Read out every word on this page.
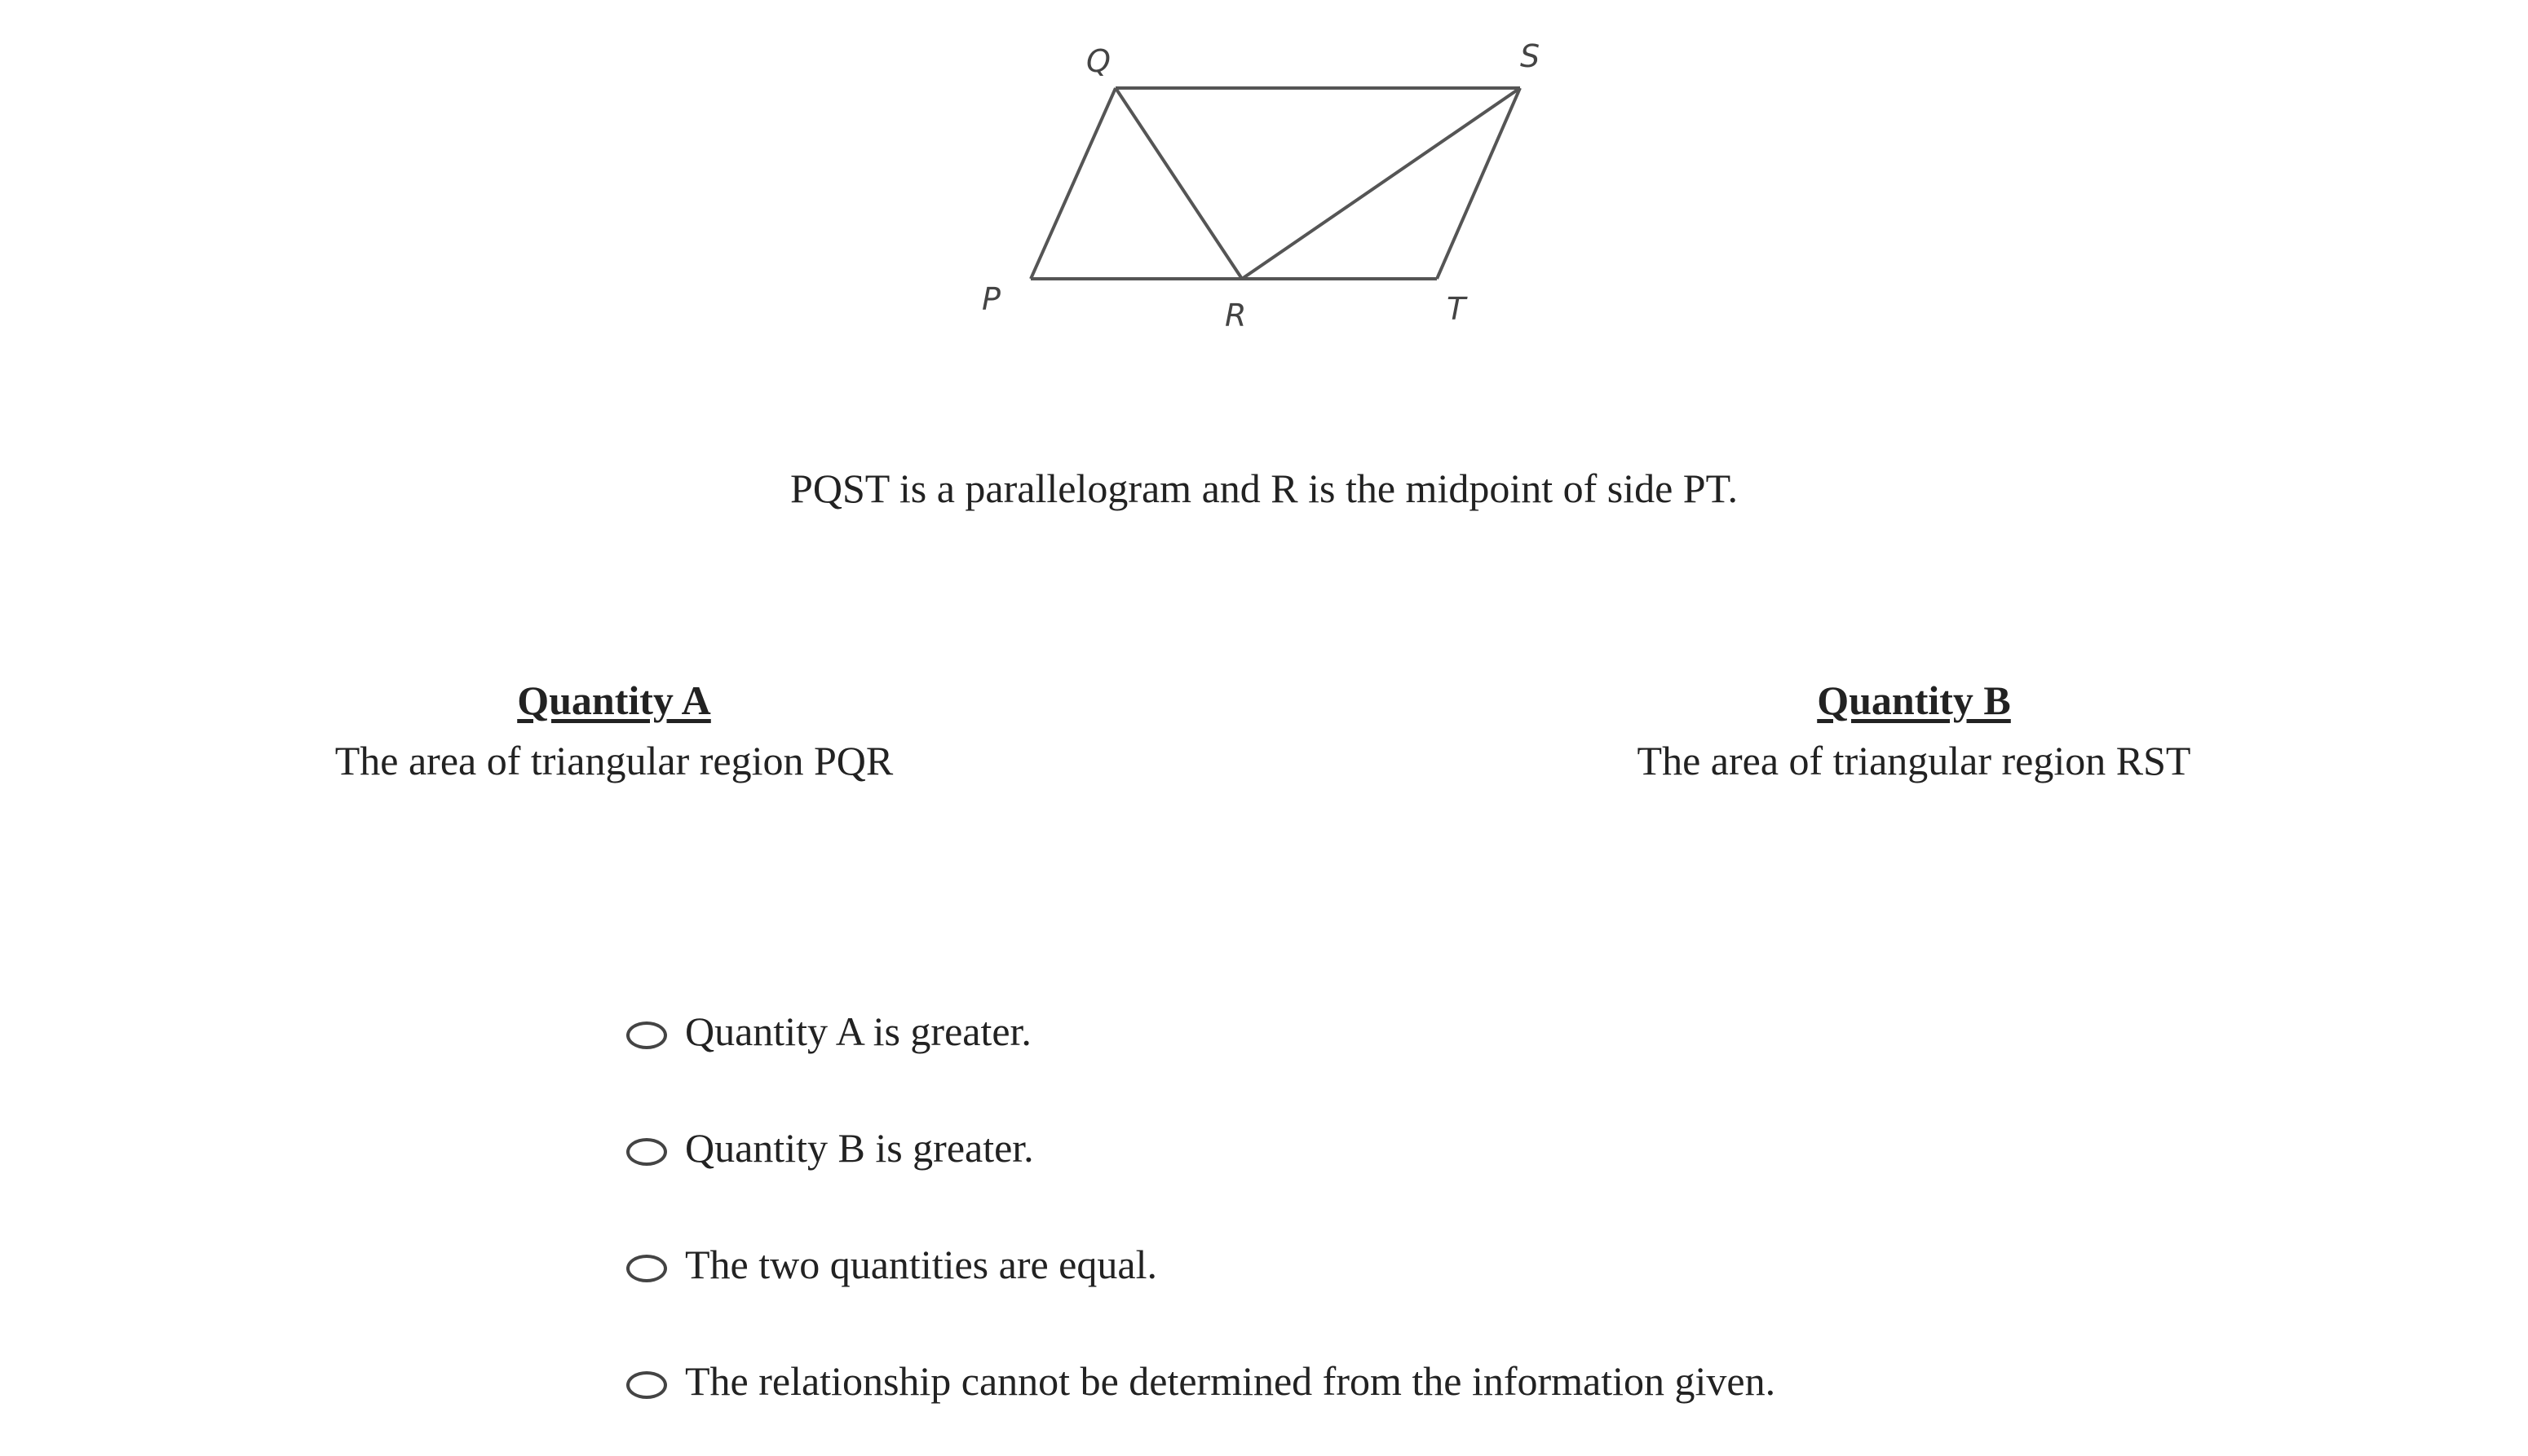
Q	S
P	R	T
PQST is a parallelogram and R is the midpoint of side PT.
Quantity A
The area of triangular region PQR
Quantity B
The area of triangular region RST
Quantity A is greater.
Quantity B is greater.
The two quantities are equal.
The relationship cannot be determined from the information given.
